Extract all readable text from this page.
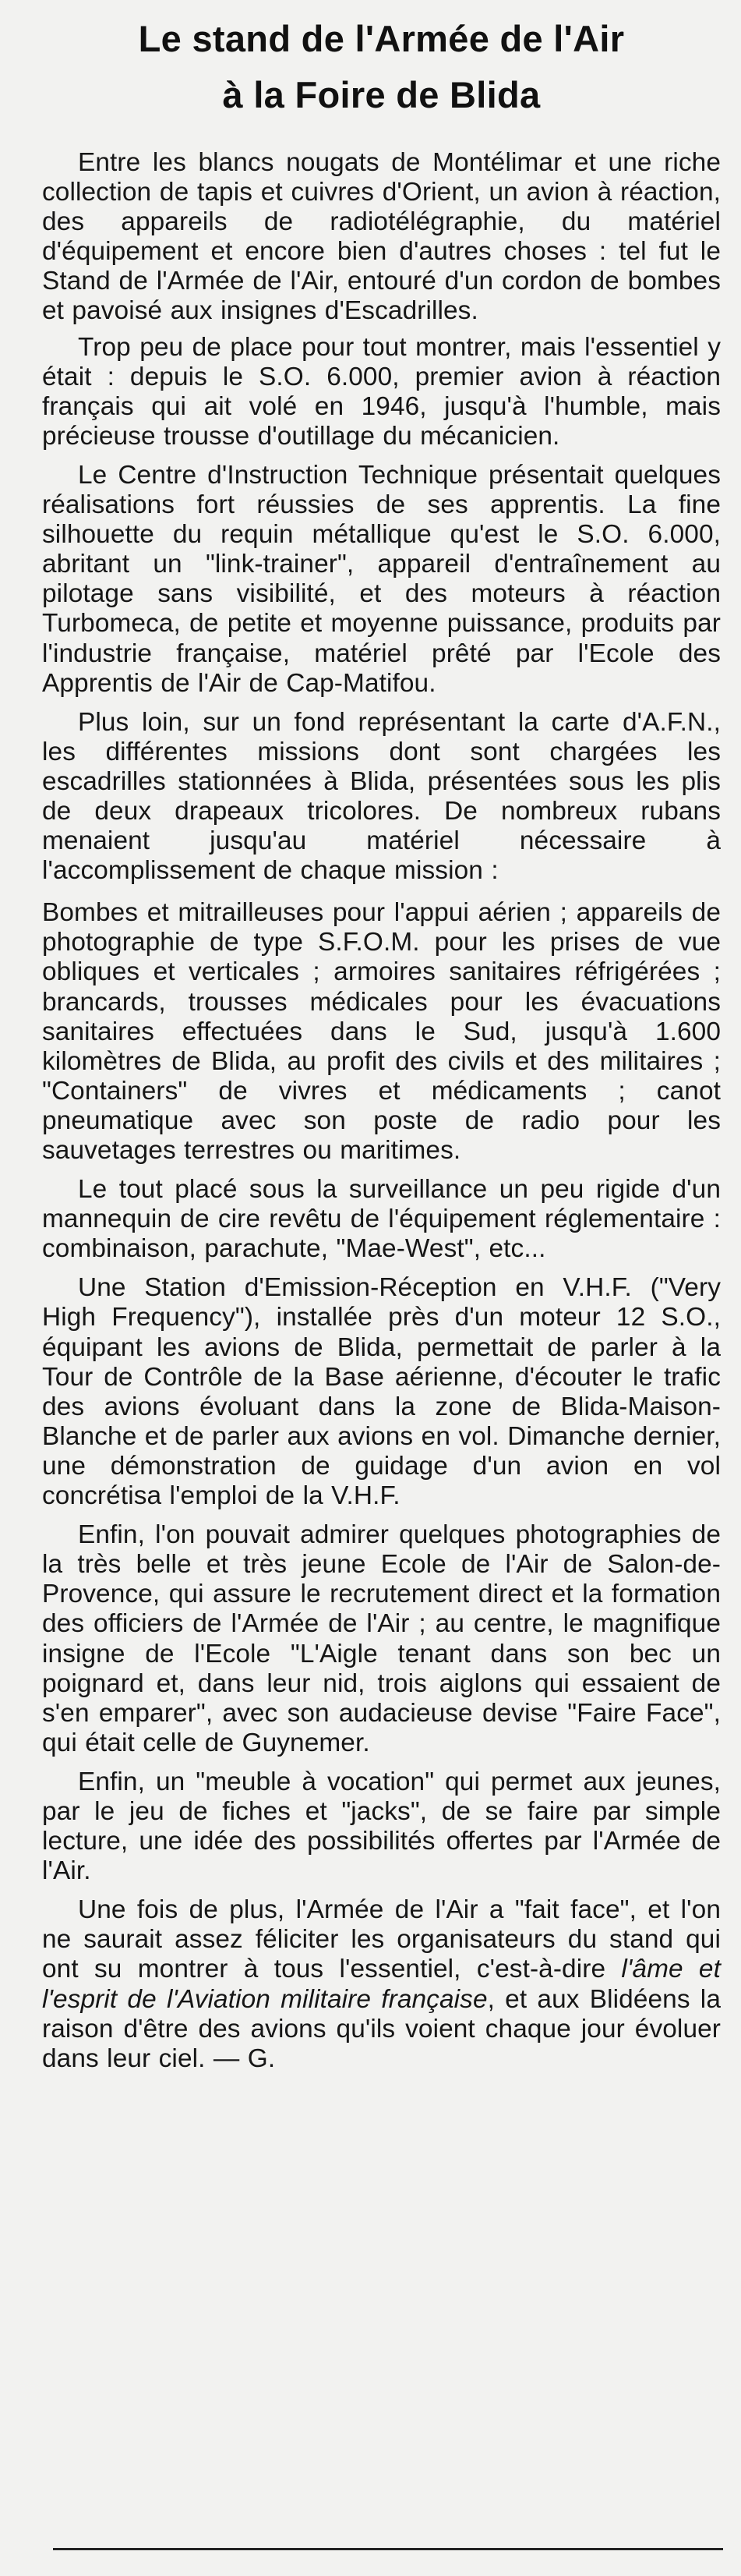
Le stand de l'Armée de l'Air
à la Foire de Blida

Entre les blancs nougats de Montélimar et une riche collection de tapis et cuivres d'Orient, un avion à réaction, des appareils de radiotélégraphie, du matériel d'équipement et encore bien d'autres choses : tel fut le Stand de l'Armée de l'Air, entouré d'un cordon de bombes et pavoisé aux insignes d'Escadrilles.

Trop peu de place pour tout montrer, mais l'essentiel y était : depuis le S.O. 6.000, premier avion à réaction français qui ait volé en 1946, jusqu'à l'humble, mais précieuse trousse d'outillage du mécanicien.

Le Centre d'Instruction Technique présentait quelques réalisations fort réussies de ses apprentis. La fine silhouette du requin métallique qu'est le S.O. 6.000, abritant un "link-trainer", appareil d'entraînement au pilotage sans visibilité, et des moteurs à réaction Turbomeca, de petite et moyenne puissance, produits par l'industrie française, matériel prêté par l'Ecole des Apprentis de l'Air de Cap-Matifou.

Plus loin, sur un fond représentant la carte d'A.F.N., les différentes missions dont sont chargées les escadrilles stationnées à Blida, présentées sous les plis de deux drapeaux tricolores. De nombreux rubans menaient jusqu'au matériel nécessaire à l'accomplissement de chaque mission :

Bombes et mitrailleuses pour l'appui aérien ; appareils de photographie de type S.F.O.M. pour les prises de vue obliques et verticales ; armoires sanitaires réfrigérées ; brancards, trousses médicales pour les évacuations sanitaires effectuées dans le Sud, jusqu'à 1.600 kilomètres de Blida, au profit des civils et des militaires ; "Containers" de vivres et médicaments ; canot pneumatique avec son poste de radio pour les sauvetages terrestres ou maritimes.

Le tout placé sous la surveillance un peu rigide d'un mannequin de cire revêtu de l'équipement réglementaire : combinaison, parachute, "Mae-West", etc...

Une Station d'Emission-Réception en V.H.F. ("Very High Frequency"), installée près d'un moteur 12 S.O., équipant les avions de Blida, permettait de parler à la Tour de Contrôle de la Base aérienne, d'écouter le trafic des avions évoluant dans la zone de Blida-Maison-Blanche et de parler aux avions en vol. Dimanche dernier, une démonstration de guidage d'un avion en vol concrétisa l'emploi de la V.H.F.

Enfin, l'on pouvait admirer quelques photographies de la très belle et très jeune Ecole de l'Air de Salon-de-Provence, qui assure le recrutement direct et la formation des officiers de l'Armée de l'Air ; au centre, le magnifique insigne de l'Ecole "L'Aigle tenant dans son bec un poignard et, dans leur nid, trois aiglons qui essaient de s'en emparer", avec son audacieuse devise "Faire Face", qui était celle de Guynemer.

Enfin, un "meuble à vocation" qui permet aux jeunes, par le jeu de fiches et "jacks", de se faire par simple lecture, une idée des possibilités offertes par l'Armée de l'Air.

Une fois de plus, l'Armée de l'Air a "fait face", et l'on ne saurait assez féliciter les organisateurs du stand qui ont su montrer à tous l'essentiel, c'est-à-dire l'âme et l'esprit de l'Aviation militaire française, et aux Blidéens la raison d'être des avions qu'ils voient chaque jour évoluer dans leur ciel. — G.
